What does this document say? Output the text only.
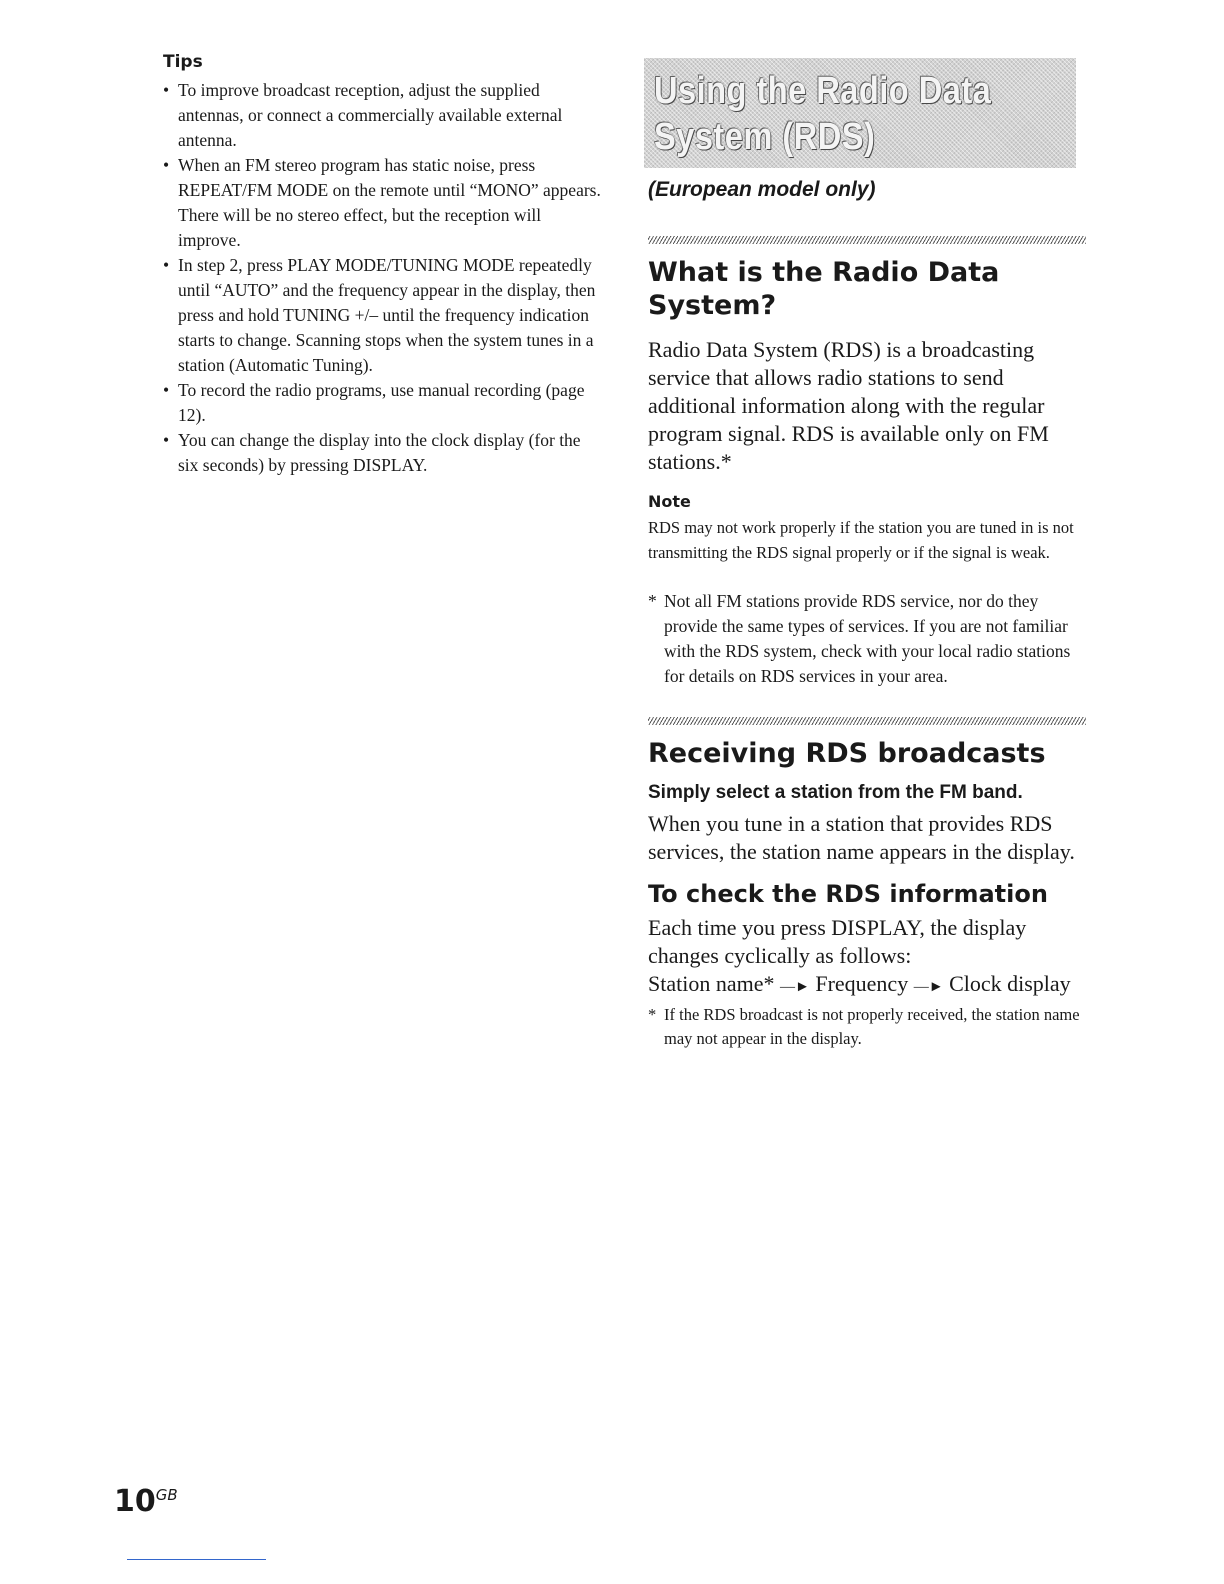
Tips
• To improve broadcast reception, adjust the supplied antennas, or connect a commercially available external antenna.
• When an FM stereo program has static noise, press REPEAT/FM MODE on the remote until “MONO” appears. There will be no stereo effect, but the reception will improve.
• In step 2, press PLAY MODE/TUNING MODE repeatedly until “AUTO” and the frequency appear in the display, then press and hold TUNING +/– until the frequency indication starts to change. Scanning stops when the system tunes in a station (Automatic Tuning).
• To record the radio programs, use manual recording (page 12).
• You can change the display into the clock display (for the six seconds) by pressing DISPLAY.
Using the Radio Data
System (RDS)
(European model only)
What is the Radio Data
System?

Radio Data System (RDS) is a broadcasting service that allows radio stations to send additional information along with the regular program signal. RDS is available only on FM stations.*

Note

RDS may not work properly if the station you are tuned in is not transmitting the RDS signal properly or if the signal is weak.

* Not all FM stations provide RDS service, nor do they provide the same types of services. If you are not familiar with the RDS system, check with your local radio stations for details on RDS services in your area.

Receiving RDS broadcasts
Simply select a station from the FM band.

When you tune in a station that provides RDS services, the station name appears in the display.

To check the RDS information

Each time you press DISPLAY, the display changes cyclically as follows:

Station name* —► Frequency —► Clock display

* If the RDS broadcast is not properly received, the station name may not appear in the display.

$10^{GB}$
